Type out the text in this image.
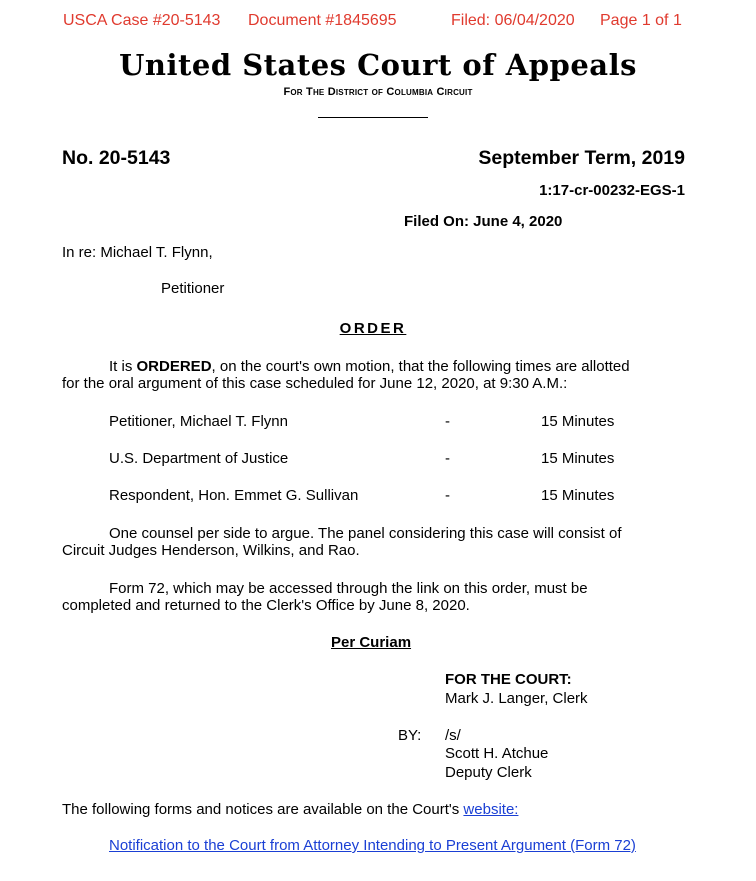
USCA Case #20-5143 Document #1845695	Filed: 06/04/2020 Page 1 of 1
United States Court of Appeals
For The District of Columbia Circuit
No. 20-5143	September Term, 2019
1:17-cr-00232-EGS-1
Filed On: June 4, 2020
In re: Michael T. Flynn,
Petitioner
ORDER
It is ORDERED, on the court's own motion, that the following times are allotted
for the oral argument of this case scheduled for June 12, 2020, at 9:30 A.M.:
Petitioner, Michael T. Flynn	-	15 Minutes
U.S. Department of Justice	-	15 Minutes
Respondent, Hon. Emmet G. Sullivan	-	15 Minutes
One counsel per side to argue. The panel considering this case will consist of
Circuit Judges Henderson, Wilkins, and Rao.
Form 72, which may be accessed through the link on this order, must be
completed and returned to the Clerk's Office by June 8, 2020.
Per Curiam
FOR THE COURT:
Mark J. Langer, Clerk
BY: /s/
Scott H. Atchue
Deputy Clerk
The following forms and notices are available on the Court's website:
Notification to the Court from Attorney Intending to Present Argument (Form 72)
